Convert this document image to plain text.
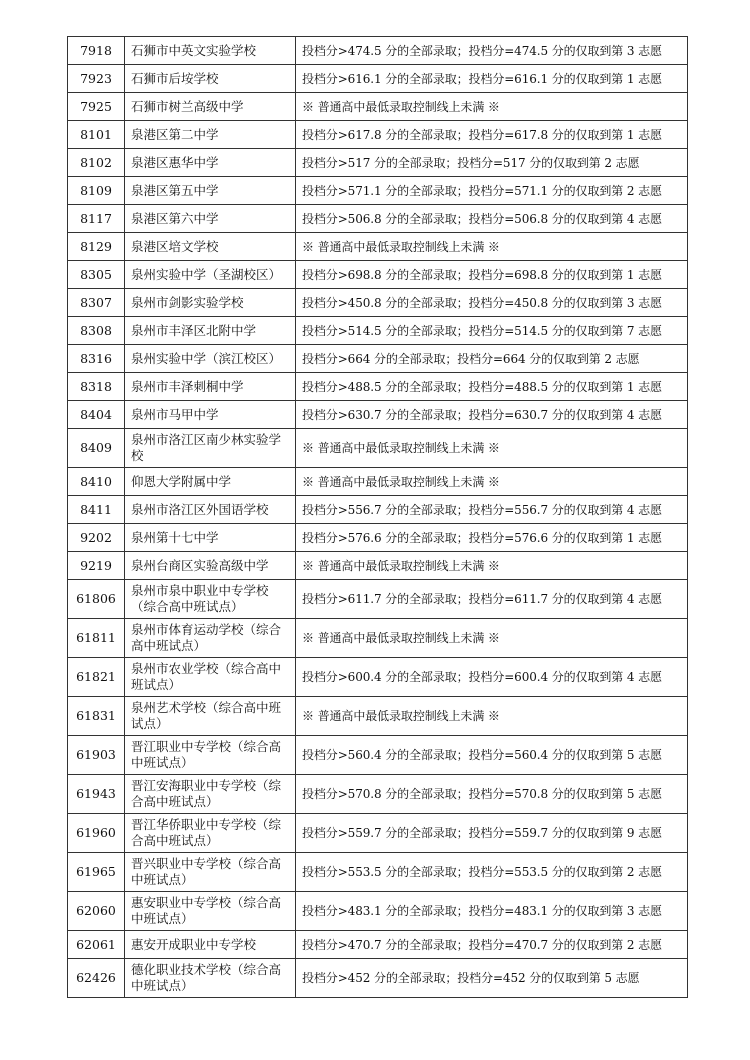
7918	石狮市中英文实验学校	投档分>474.5 分的全部录取；投档分=474.5 分的仅取到第 3 志愿
7923	石狮市后垵学校	投档分>616.1 分的全部录取；投档分=616.1 分的仅取到第 1 志愿
7925	石狮市树兰高级中学	※ 普通高中最低录取控制线上未满 ※
8101	泉港区第二中学	投档分>617.8 分的全部录取；投档分=617.8 分的仅取到第 1 志愿
8102	泉港区惠华中学	投档分>517 分的全部录取；投档分=517 分的仅取到第 2 志愿
8109	泉港区第五中学	投档分>571.1 分的全部录取；投档分=571.1 分的仅取到第 2 志愿
8117	泉港区第六中学	投档分>506.8 分的全部录取；投档分=506.8 分的仅取到第 4 志愿
8129	泉港区培文学校	※ 普通高中最低录取控制线上未满 ※
8305	泉州实验中学（圣湖校区）	投档分>698.8 分的全部录取；投档分=698.8 分的仅取到第 1 志愿
8307	泉州市剑影实验学校	投档分>450.8 分的全部录取；投档分=450.8 分的仅取到第 3 志愿
8308	泉州市丰泽区北附中学	投档分>514.5 分的全部录取；投档分=514.5 分的仅取到第 7 志愿
8316	泉州实验中学（滨江校区）	投档分>664 分的全部录取；投档分=664 分的仅取到第 2 志愿
8318	泉州市丰泽刺桐中学	投档分>488.5 分的全部录取；投档分=488.5 分的仅取到第 1 志愿
8404	泉州市马甲中学	投档分>630.7 分的全部录取；投档分=630.7 分的仅取到第 4 志愿
8409	泉州市洛江区南少林实验学校	※ 普通高中最低录取控制线上未满 ※
8410	仰恩大学附属中学	※ 普通高中最低录取控制线上未满 ※
8411	泉州市洛江区外国语学校	投档分>556.7 分的全部录取；投档分=556.7 分的仅取到第 4 志愿
9202	泉州第十七中学	投档分>576.6 分的全部录取；投档分=576.6 分的仅取到第 1 志愿
9219	泉州台商区实验高级中学	※ 普通高中最低录取控制线上未满 ※
61806	泉州市泉中职业中专学校（综合高中班试点）	投档分>611.7 分的全部录取；投档分=611.7 分的仅取到第 4 志愿
61811	泉州市体育运动学校（综合高中班试点）	※ 普通高中最低录取控制线上未满 ※
61821	泉州市农业学校（综合高中班试点）	投档分>600.4 分的全部录取；投档分=600.4 分的仅取到第 4 志愿
61831	泉州艺术学校（综合高中班试点）	※ 普通高中最低录取控制线上未满 ※
61903	晋江职业中专学校（综合高中班试点）	投档分>560.4 分的全部录取；投档分=560.4 分的仅取到第 5 志愿
61943	晋江安海职业中专学校（综合高中班试点）	投档分>570.8 分的全部录取；投档分=570.8 分的仅取到第 5 志愿
61960	晋江华侨职业中专学校（综合高中班试点）	投档分>559.7 分的全部录取；投档分=559.7 分的仅取到第 9 志愿
61965	晋兴职业中专学校（综合高中班试点）	投档分>553.5 分的全部录取；投档分=553.5 分的仅取到第 2 志愿
62060	惠安职业中专学校（综合高中班试点）	投档分>483.1 分的全部录取；投档分=483.1 分的仅取到第 3 志愿
62061	惠安开成职业中专学校	投档分>470.7 分的全部录取；投档分=470.7 分的仅取到第 2 志愿
62426	德化职业技术学校（综合高中班试点）	投档分>452 分的全部录取；投档分=452 分的仅取到第 5 志愿
